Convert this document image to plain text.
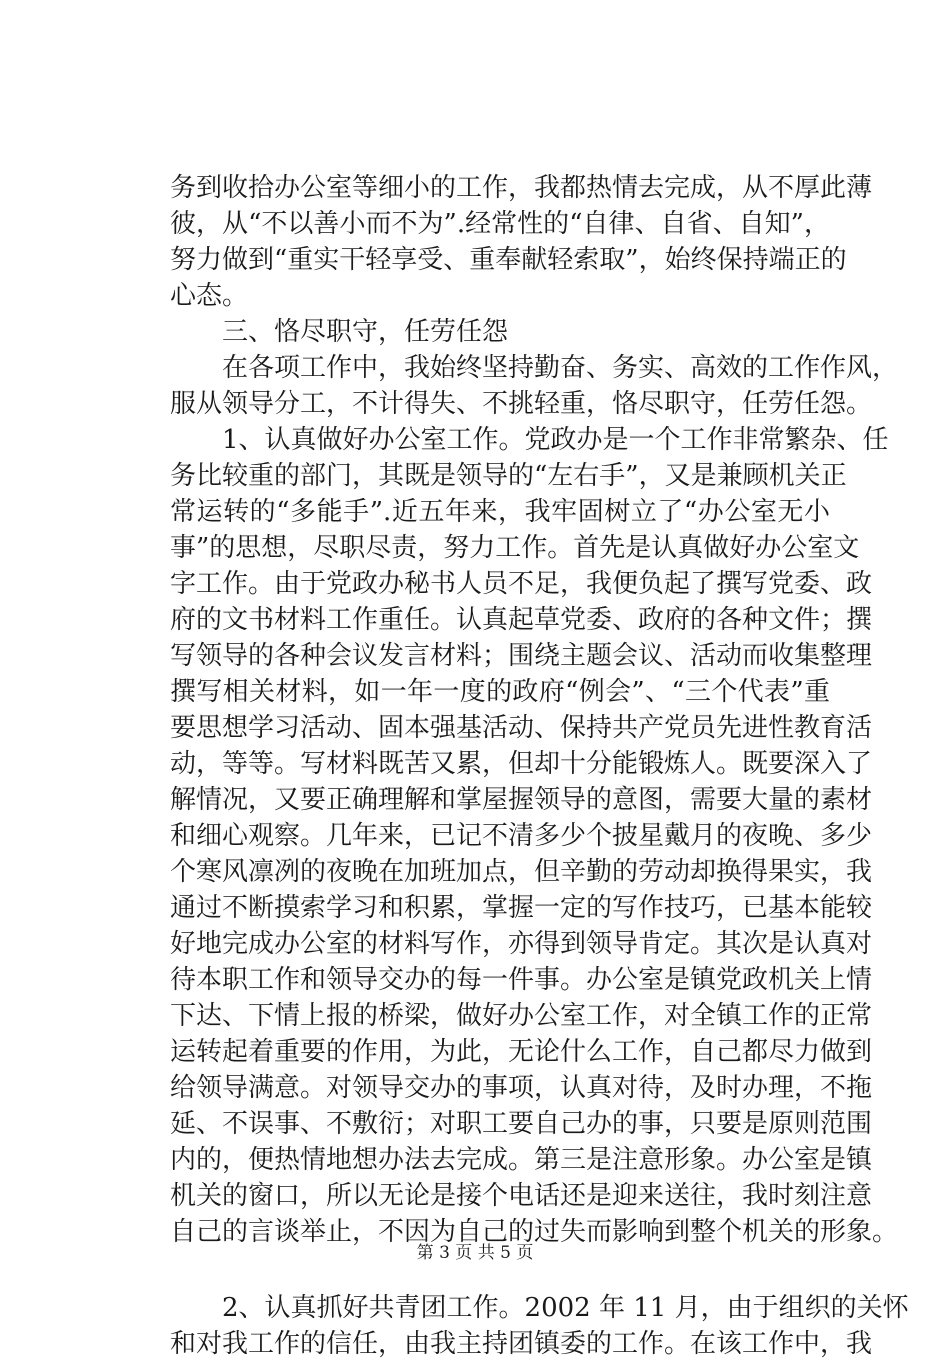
务到收拾办公室等细小的工作，我都热情去完成，从不厚此薄
彼，从“不以善小而不为”.经常性的“自律、自省、自知”，
努力做到“重实干轻享受、重奉献轻索取”，始终保持端正的
心态。
三、恪尽职守，任劳任怨
在各项工作中，我始终坚持勤奋、务实、高效的工作作风，
服从领导分工，不计得失、不挑轻重，恪尽职守，任劳任怨。
1、认真做好办公室工作。党政办是一个工作非常繁杂、任
务比较重的部门，其既是领导的“左右手”，又是兼顾机关正
常运转的“多能手”.近五年来，我牢固树立了“办公室无小
事”的思想，尽职尽责，努力工作。首先是认真做好办公室文
字工作。由于党政办秘书人员不足，我便负起了撰写党委、政
府的文书材料工作重任。认真起草党委、政府的各种文件；撰
写领导的各种会议发言材料；围绕主题会议、活动而收集整理
撰写相关材料，如一年一度的政府“例会”、“三个代表”重
要思想学习活动、固本强基活动、保持共产党员先进性教育活
动，等等。写材料既苦又累，但却十分能锻炼人。既要深入了
解情况，又要正确理解和掌屋握领导的意图，需要大量的素材
和细心观察。几年来，已记不清多少个披星戴月的夜晚、多少
个寒风凛冽的夜晚在加班加点，但辛勤的劳动却换得果实，我
通过不断摸索学习和积累，掌握一定的写作技巧，已基本能较
好地完成办公室的材料写作，亦得到领导肯定。其次是认真对
待本职工作和领导交办的每一件事。办公室是镇党政机关上情
下达、下情上报的桥梁，做好办公室工作，对全镇工作的正常
运转起着重要的作用，为此，无论什么工作，自己都尽力做到
给领导满意。对领导交办的事项，认真对待，及时办理，不拖
延、不误事、不敷衍；对职工要自己办的事，只要是原则范围
内的，便热情地想办法去完成。第三是注意形象。办公室是镇
机关的窗口，所以无论是接个电话还是迎来送往，我时刻注意
自己的言谈举止，不因为自己的过失而影响到整个机关的形象。
2、认真抓好共青团工作。2002 年 11 月，由于组织的关怀
和对我工作的信任，由我主持团镇委的工作。在该工作中，我
第 3 页 共 5 页
